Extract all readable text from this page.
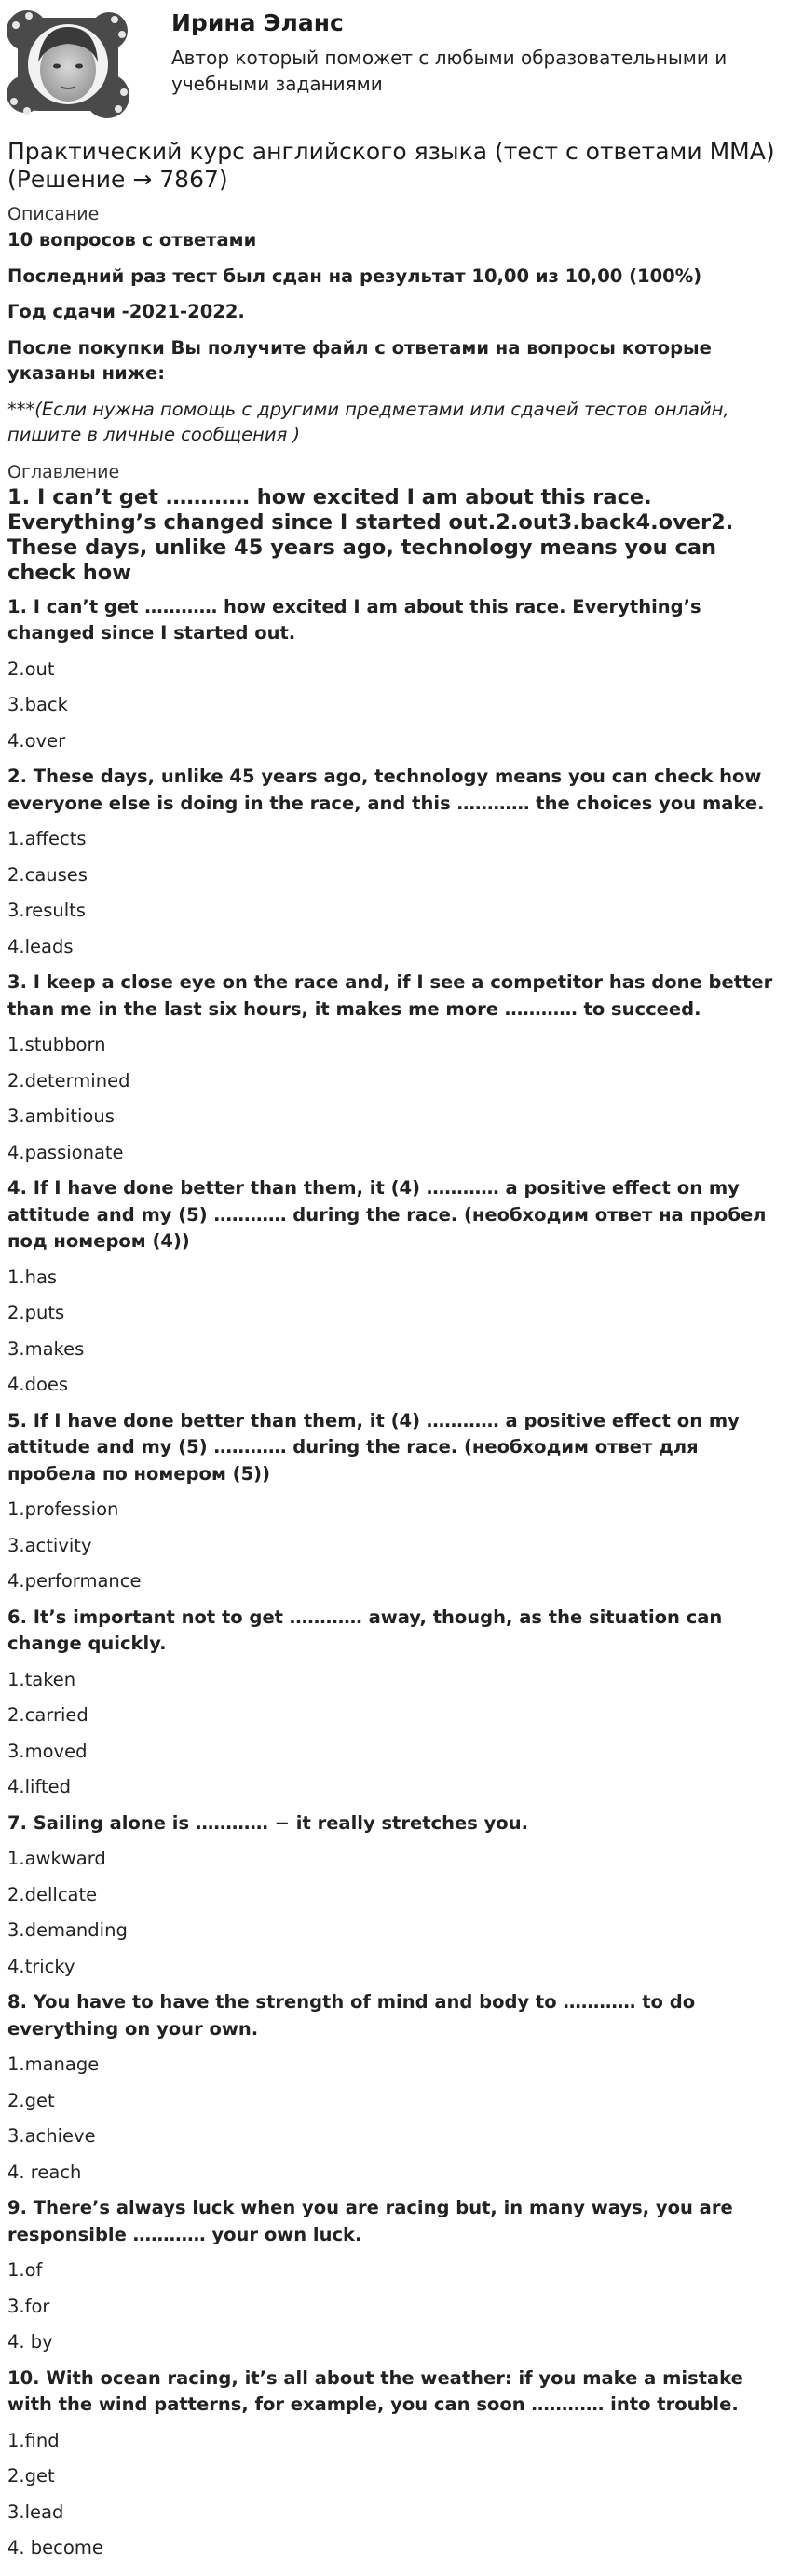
Ирина Эланс
Автор который поможет с любыми образовательными и учебными заданиями
Практический курс английского языка (тест с ответами ММА) (Решение → 7867)
Описание

10 вопросов с ответами

Последний раз тест был сдан на результат 10,00 из 10,00 (100%)

Год сдачи -2021-2022.

После покупки Вы получите файл с ответами на вопросы которые указаны ниже:

***(Если нужна помощь с другими предметами или сдачей тестов онлайн, пишите в личные сообщения )

Оглавление
1. I can’t get ………… how excited I am about this race. Everything’s changed since I started out.2.out3.back4.over2. These days, unlike 45 years ago, technology means you can check how
1. I can’t get ………… how excited I am about this race. Everything’s changed since I started out.
2.out
3.back
4.over
2. These days, unlike 45 years ago, technology means you can check how everyone else is doing in the race, and this ………… the choices you make.
1.affects
2.causes
3.results
4.leads
3. I keep a close eye on the race and, if I see a competitor has done better than me in the last six hours, it makes me more ………… to succeed.
1.stubborn
2.determined
3.ambitious
4.passionate
4. If I have done better than them, it (4) ………… a positive effect on my attitude and my (5) ………… during the race. (необходим ответ на пробел под номером (4))
1.has
2.puts
3.makes
4.does
5. If I have done better than them, it (4) ………… a positive effect on my attitude and my (5) ………… during the race. (необходим ответ для пробела по номером (5))
1.profession
3.activity
4.performance
6. It’s important not to get ………… away, though, as the situation can change quickly.
1.taken
2.carried
3.moved
4.lifted
7. Sailing alone is ………… − it really stretches you.
1.awkward
2.dellcate
3.demanding
4.tricky
8. You have to have the strength of mind and body to ………… to do everything on your own.
1.manage
2.get
3.achieve
4. reach
9. There’s always luck when you are racing but, in many ways, you are responsible ………… your own luck.
1.of
3.for
4. by
10. With ocean racing, it’s all about the weather: if you make a mistake with the wind patterns, for example, you can soon ………… into trouble.
1.find
2.get
3.lead
4. become
